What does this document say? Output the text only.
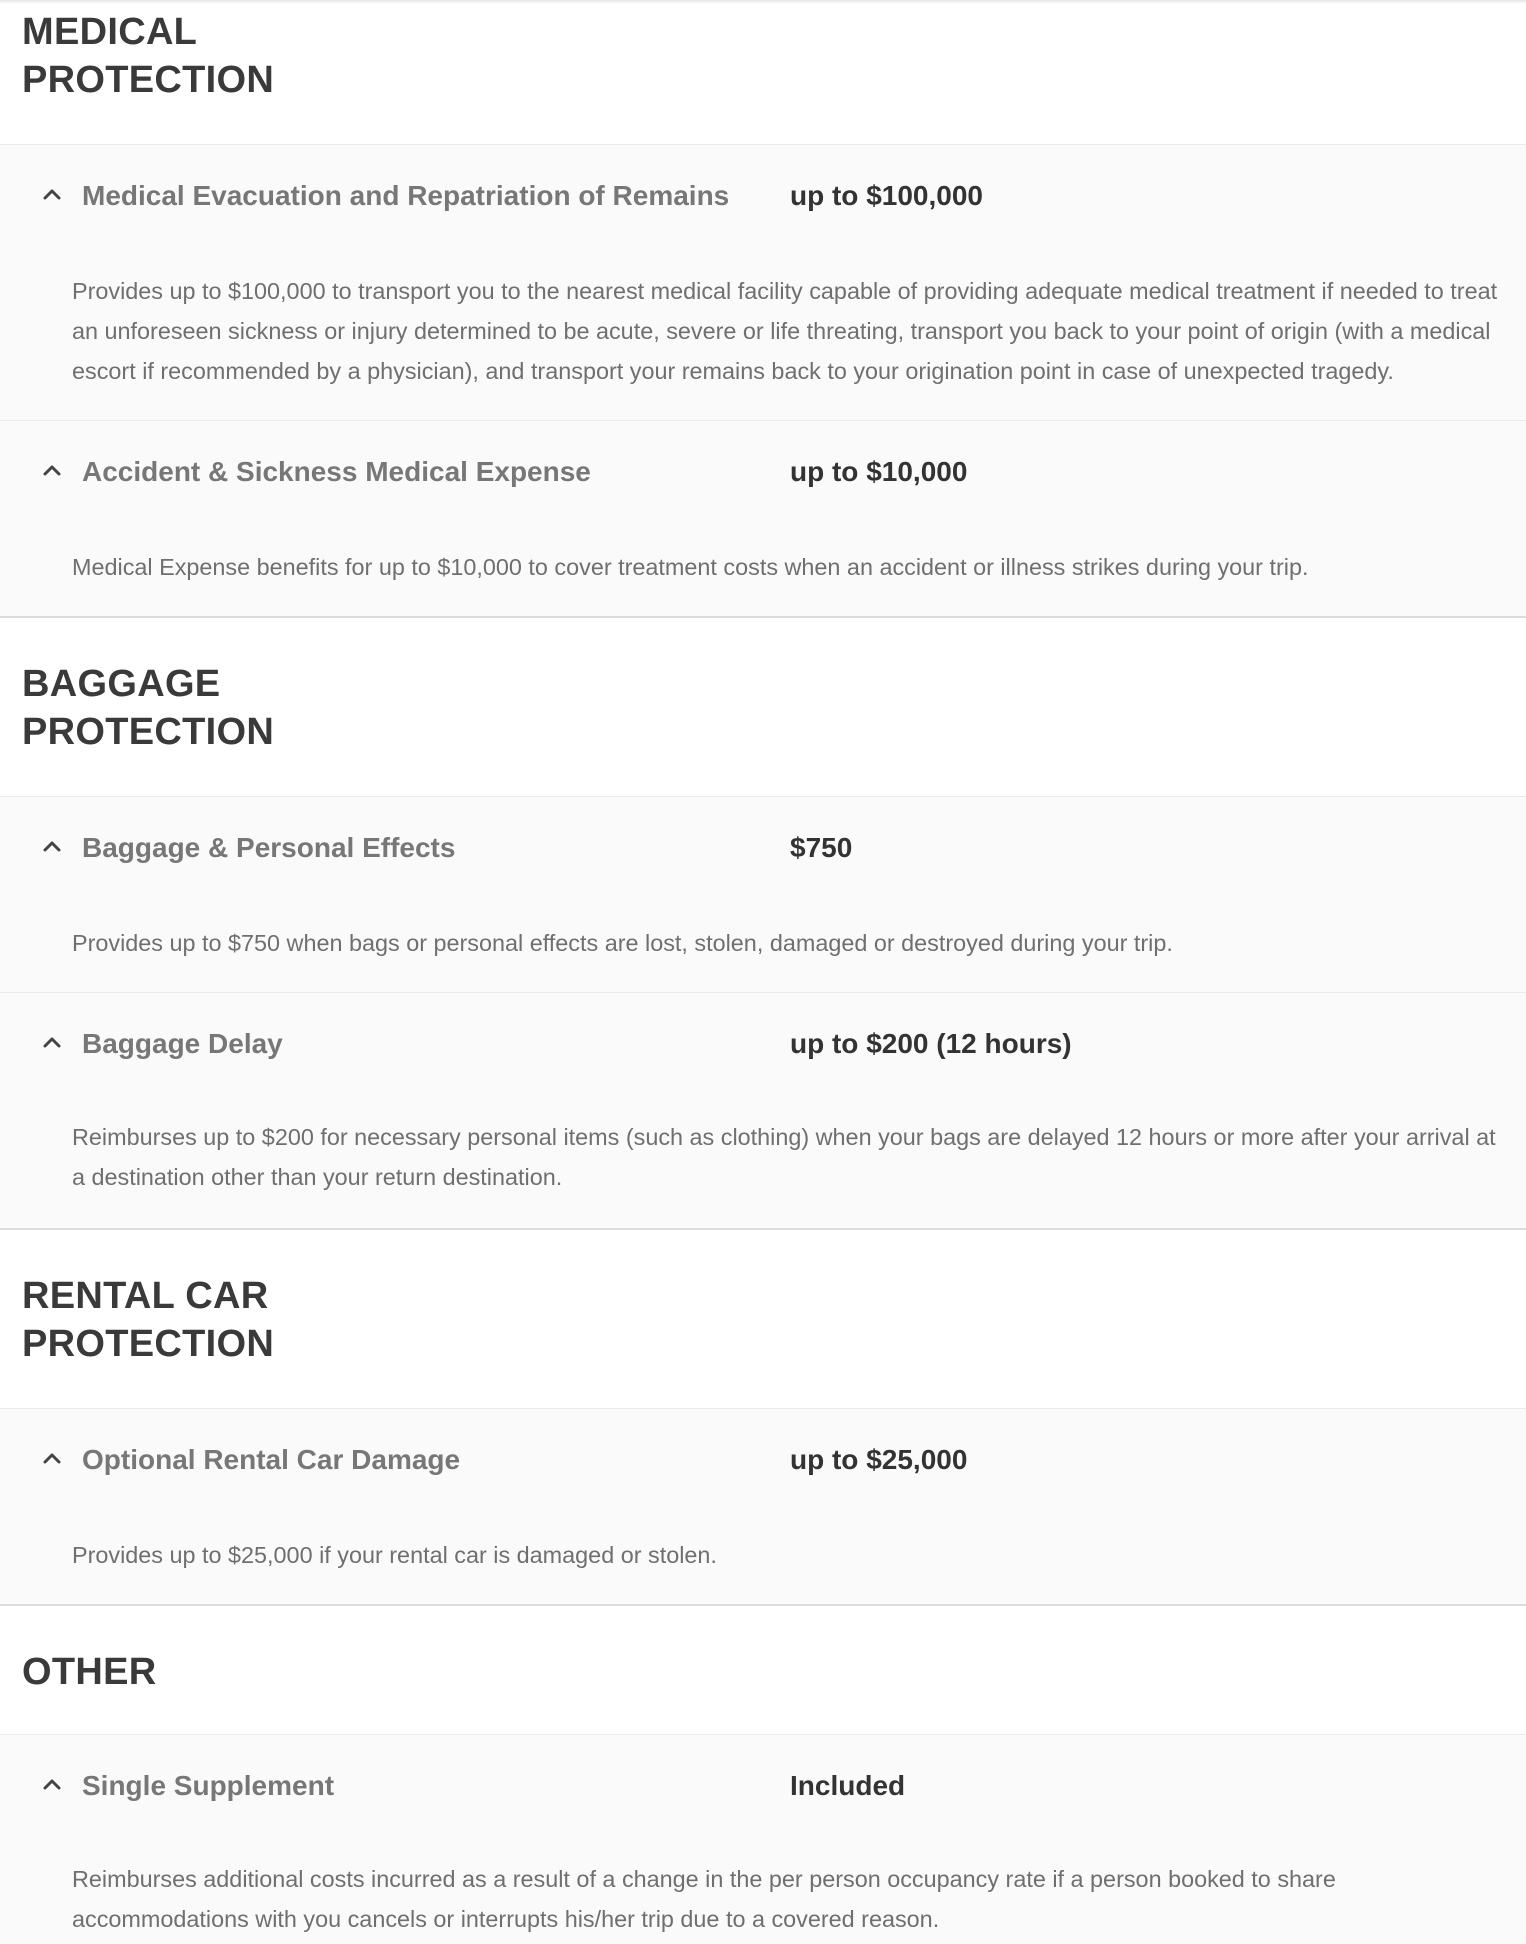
MEDICAL
PROTECTION
Medical Evacuation and Repatriation of Remains up to $100,000

Provides up to $100,000 to transport you to the nearest medical facility capable of providing adequate medical treatment if needed to treat an unforeseen sickness or injury determined to be acute, severe or life threating, transport you back to your point of origin (with a medical escort if recommended by a physician), and transport your remains back to your origination point in case of unexpected tragedy.

Accident & Sickness Medical Expense	up to $10,000

Medical Expense benefits for up to $10,000 to cover treatment costs when an accident or illness strikes during your trip.

BAGGAGE
PROTECTION
Baggage & Personal Effects	$750

Provides up to $750 when bags or personal effects are lost, stolen, damaged or destroyed during your trip.

Baggage Delay	up to $200 (12 hours)

Reimburses up to $200 for necessary personal items (such as clothing) when your bags are delayed 12 hours or more after your arrival at a destination other than your return destination.

RENTAL CAR
PROTECTION
Optional Rental Car Damage	up to $25,000

Provides up to $25,000 if your rental car is damaged or stolen.

OTHER
Single Supplement	Included

Reimburses additional costs incurred as a result of a change in the per person occupancy rate if a person booked to share accommodations with you cancels or interrupts his/her trip due to a covered reason.
